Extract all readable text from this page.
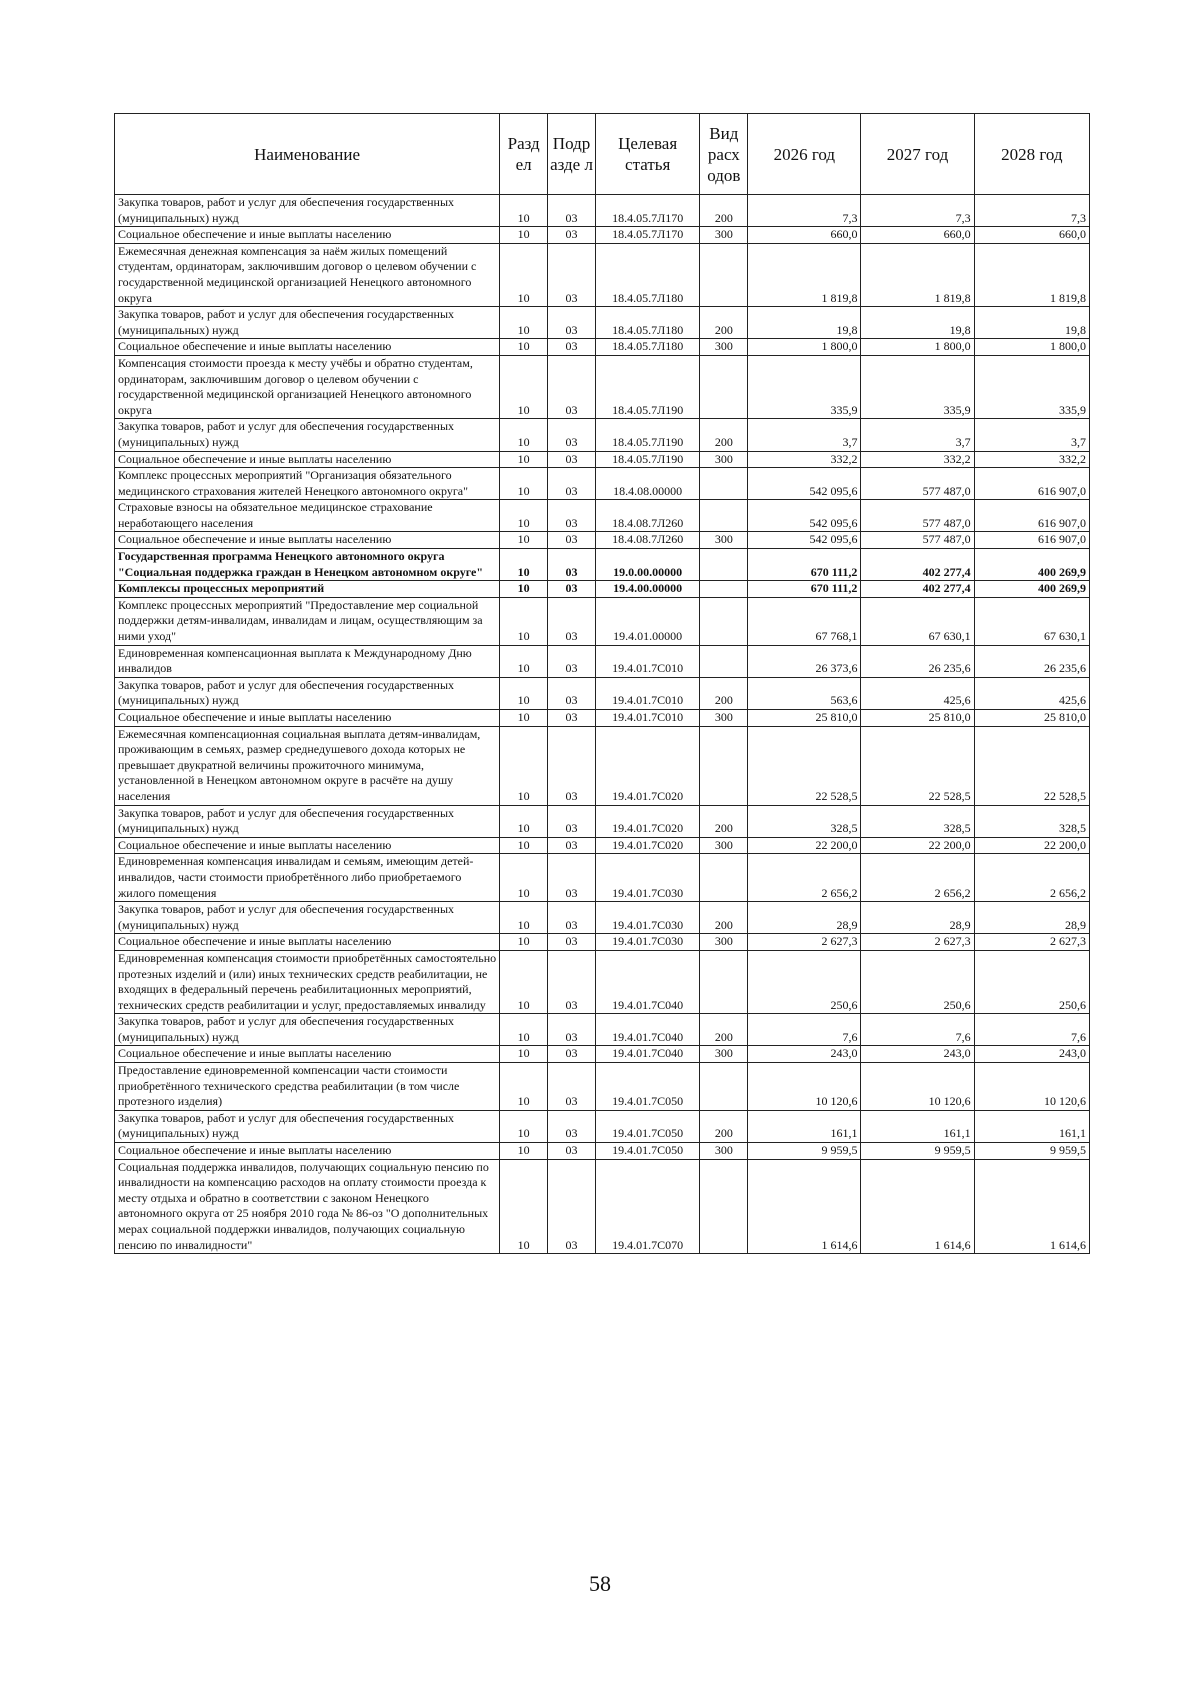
Наименование	Разд ел	Подр азде л	Целевая статья	Вид расх одов	2026 год	2027 год	2028 год
Закупка товаров, работ и услуг для обеспечения государственных (муниципальных) нужд	10	03	18.4.05.7Л170	200	7,3	7,3	7,3
Социальное обеспечение и иные выплаты населению	10	03	18.4.05.7Л170	300	660,0	660,0	660,0
Ежемесячная денежная компенсация за наём жилых помещений студентам, ординаторам, заключившим договор о целевом обучении с государственной медицинской организацией Ненецкого автономного округа	10	03	18.4.05.7Л180		1 819,8	1 819,8	1 819,8
Закупка товаров, работ и услуг для обеспечения государственных (муниципальных) нужд	10	03	18.4.05.7Л180	200	19,8	19,8	19,8
Социальное обеспечение и иные выплаты населению	10	03	18.4.05.7Л180	300	1 800,0	1 800,0	1 800,0
Компенсация стоимости проезда к месту учёбы и обратно студентам, ординаторам, заключившим договор о целевом обучении с государственной медицинской организацией Ненецкого автономного округа	10	03	18.4.05.7Л190		335,9	335,9	335,9
Закупка товаров, работ и услуг для обеспечения государственных (муниципальных) нужд	10	03	18.4.05.7Л190	200	3,7	3,7	3,7
Социальное обеспечение и иные выплаты населению	10	03	18.4.05.7Л190	300	332,2	332,2	332,2
Комплекс процессных мероприятий "Организация обязательного медицинского страхования жителей Ненецкого автономного округа"	10	03	18.4.08.00000		542 095,6	577 487,0	616 907,0
Страховые взносы на обязательное медицинское страхование неработающего населения	10	03	18.4.08.7Л260		542 095,6	577 487,0	616 907,0
Социальное обеспечение и иные выплаты населению	10	03	18.4.08.7Л260	300	542 095,6	577 487,0	616 907,0
Государственная программа Ненецкого автономного округа "Социальная поддержка граждан в Ненецком автономном округе"	10	03	19.0.00.00000		670 111,2	402 277,4	400 269,9
Комплексы процессных мероприятий	10	03	19.4.00.00000		670 111,2	402 277,4	400 269,9
Комплекс процессных мероприятий "Предоставление мер социальной поддержки детям-инвалидам, инвалидам и лицам, осуществляющим за ними уход"	10	03	19.4.01.00000		67 768,1	67 630,1	67 630,1
Единовременная компенсационная выплата к Международному Дню инвалидов	10	03	19.4.01.7С010		26 373,6	26 235,6	26 235,6
Закупка товаров, работ и услуг для обеспечения государственных (муниципальных) нужд	10	03	19.4.01.7С010	200	563,6	425,6	425,6
Социальное обеспечение и иные выплаты населению	10	03	19.4.01.7С010	300	25 810,0	25 810,0	25 810,0
Ежемесячная компенсационная социальная выплата детям-инвалидам, проживающим в семьях, размер среднедушевого дохода которых не превышает двукратной величины прожиточного минимума, установленной в Ненецком автономном округе в расчёте на душу населения	10	03	19.4.01.7С020		22 528,5	22 528,5	22 528,5
Закупка товаров, работ и услуг для обеспечения государственных (муниципальных) нужд	10	03	19.4.01.7С020	200	328,5	328,5	328,5
Социальное обеспечение и иные выплаты населению	10	03	19.4.01.7С020	300	22 200,0	22 200,0	22 200,0
Единовременная компенсация инвалидам и семьям, имеющим детей-инвалидов, части стоимости приобретённого либо приобретаемого жилого помещения	10	03	19.4.01.7С030		2 656,2	2 656,2	2 656,2
Закупка товаров, работ и услуг для обеспечения государственных (муниципальных) нужд	10	03	19.4.01.7С030	200	28,9	28,9	28,9
Социальное обеспечение и иные выплаты населению	10	03	19.4.01.7С030	300	2 627,3	2 627,3	2 627,3
Единовременная компенсация стоимости приобретённых самостоятельно протезных изделий и (или) иных технических средств реабилитации, не входящих в федеральный перечень реабилитационных мероприятий, технических средств реабилитации и услуг, предоставляемых инвалиду	10	03	19.4.01.7С040		250,6	250,6	250,6
Закупка товаров, работ и услуг для обеспечения государственных (муниципальных) нужд	10	03	19.4.01.7С040	200	7,6	7,6	7,6
Социальное обеспечение и иные выплаты населению	10	03	19.4.01.7С040	300	243,0	243,0	243,0
Предоставление единовременной компенсации части стоимости приобретённого технического средства реабилитации (в том числе протезного изделия)	10	03	19.4.01.7С050		10 120,6	10 120,6	10 120,6
Закупка товаров, работ и услуг для обеспечения государственных (муниципальных) нужд	10	03	19.4.01.7С050	200	161,1	161,1	161,1
Социальное обеспечение и иные выплаты населению	10	03	19.4.01.7С050	300	9 959,5	9 959,5	9 959,5
Социальная поддержка инвалидов, получающих социальную пенсию по инвалидности на компенсацию расходов на оплату стоимости проезда к месту отдыха и обратно в соответствии с законом Ненецкого автономного округа от 25 ноября 2010 года № 86-оз "О дополнительных мерах социальной поддержки инвалидов, получающих социальную пенсию по инвалидности"	10	03	19.4.01.7С070		1 614,6	1 614,6	1 614,6
58
